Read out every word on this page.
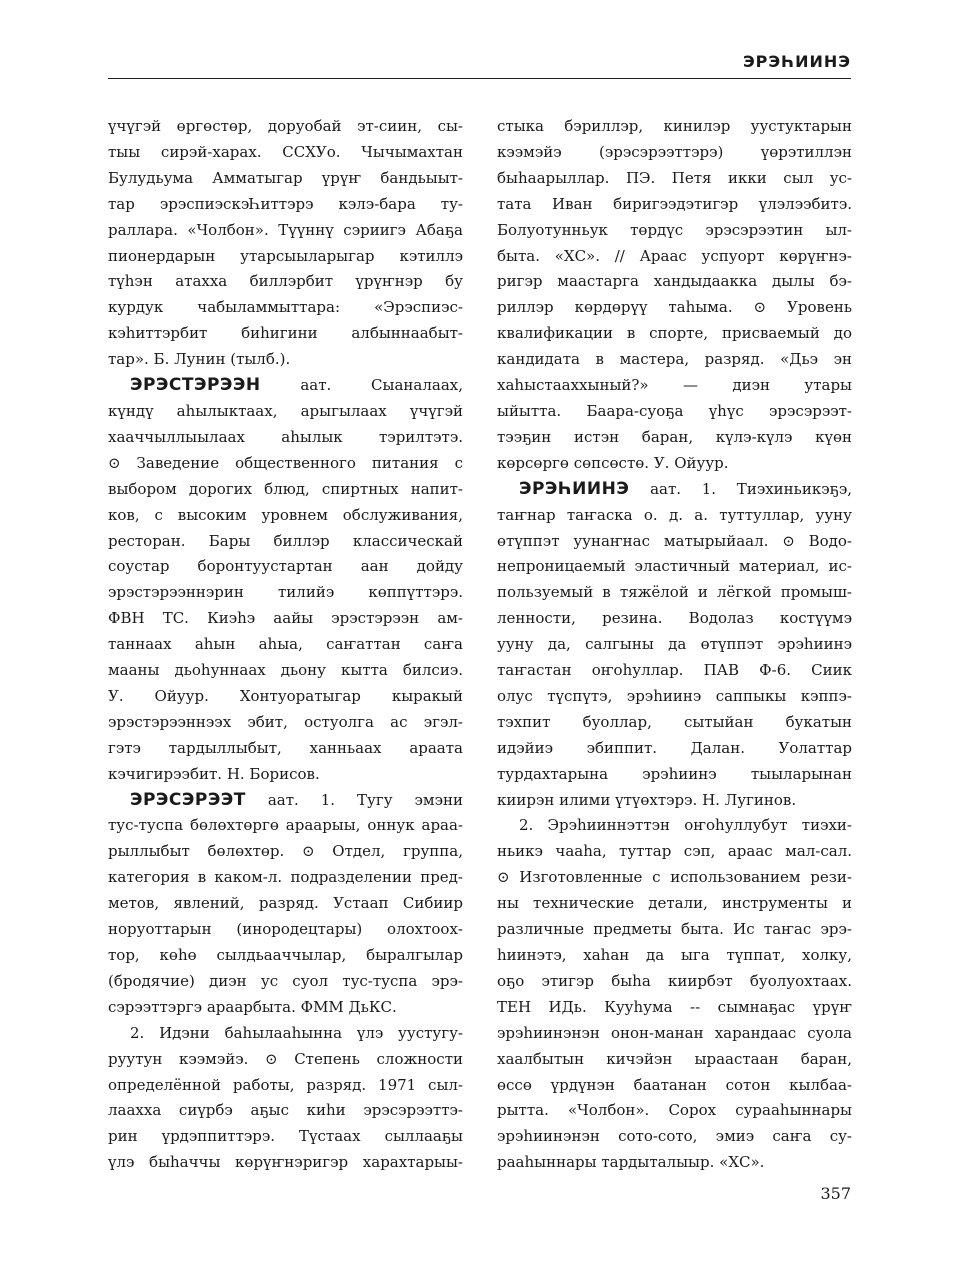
ЭРЭҺИИНЭ
үчүгэй өргөстөр, доруобай эт-сиин, сы-
тыы сирэй-харах. ССХУо. Чычымахтан
Булудьума Амматыгар үрүҥ бандьыыт-
тар эрэспиэскэҺиттэрэ кэлэ-бара ту-
раллара. «Чолбон». Түүннү сэриигэ Абаҕа
пионердарын утарсыыларыгар кэтиллэ
түһэн атахха биллэрбит үрүҥнэр бу
курдук чабыламмыттара: «Эрэспиэс-
кэһиттэрбит биһигини албыннаабыт-
тар». Б. Лунин (тылб.).
ЭРЭСТЭРЭЭН	аат. Сыаналаах,
күндү аһылыктаах, арыгылаах үчүгэй
хааччыллыылаах аһылык тэрилтэтэ.
⊙ Заведение общественного питания с
выбором дорогих блюд, спиртных напит-
ков, с высоким уровнем обслуживания,
ресторан. Бары биллэр классическай
соустар боронтуустартан аан дойду
эрэстэрээннэрин тилийэ көппүттэрэ.
ФВН ТС. Киэһэ аайы эрэстэрээн ам-
таннаах аһын аһыа, саҥаттан саҥа
мааны дьоһуннаах дьону кытта билсиэ.
У. Ойуур. Хонтуоратыгар кыракый
эрэстэрээннээх эбит, остуолга ас эгэл-
гэтэ тардыллыбыт, ханньаах араата
кэчигирээбит. Н. Борисов.
ЭРЭСЭРЭЭТ аат. 1. Тугу эмэни
тус-туспа бөлөхтөргө араарыы, оннук араа-
рыллыбыт бөлөхтөр. ⊙ Отдел, группа,
категория в каком-л. подразделении пред-
метов, явлений, разряд. Устаап Сибиир
норуоттарын (инородецтары) олохтоох-
тор, көһө сылдьааччылар, быралгылар
(бродячие) диэн ус суол тус-туспа эрэ-
сэрээттэргэ араарбыта. ФММ ДьКС.
2. Идэни баһылааһынна үлэ уустугу-
руутун кээмэйэ. ⊙ Степень сложности
определённой работы, разряд. 1971 сыл-
лаахха сиүрбэ аҕыс киһи эрэсэрээттэ-
рин үрдэппиттэрэ. Түстаах сыллааҕы
үлэ быһаччы көрүҥнэригэр харахтарыы-
стыка бэриллэр, кинилэр уустуктарын
кээмэйэ (эрэсэрээттэрэ) үөрэтиллэн
быһаарыллар. ПЭ. Петя икки сыл ус-
тата Иван биригээдэтигэр үлэлээбитэ.
Болуотунньук төрдүс эрэсэрээтин ыл-
быта. «ХС». // Араас успуорт көрүҥнэ-
ригэр маастарга хандыдаакка дылы бэ-
риллэр көрдөрүү таһыма. ⊙ Уровень
квалификации в спорте, присваемый до
кандидата в мастера, разряд. «Дьэ эн
хаһыстааххыный?» — диэн утары
ыйытта. Баара-суоҕа үһүс эрэсэрээт-
тээҕин истэн баран, күлэ-күлэ күөн
көрсөргө сөпсөстө. У. Ойуур.
ЭРЭҺИИНЭ аат. 1. Тиэхиньикэҕэ,
таҥнар таҥаска о. д. а. туттуллар, ууну
өтүппэт уунаҥнас матырыйаал. ⊙ Водо-
непроницаемый эластичный материал, ис-
пользуемый в тяжёлой и лёгкой промыш-
ленности, резина. Водолаз костүүмэ
ууну да, салгыны да өтүппэт эрэһиинэ
таҥастан оҥоһуллар. ПАВ Ф-6. Сиик
олус түспүтэ, эрэһиинэ саппыкы кэппэ-
тэхпит буоллар, сытыйан букатын
идэйиэ эбиппит. Далан. Уолаттар
турдахтарына эрэһиинэ тыыларынан
киирэн илими үтүөхтэрэ. Н. Лугинов.
2. Эрэһииннэттэн оҥоһуллубут тиэхи-
ньикэ чааһа, туттар сэп, араас мал-сал.
⊙ Изготовленные с использованием рези-
ны технические детали, инструменты и
различные предметы быта. Ис таҥас эрэ-
һиинэтэ, хаһан да ыга түппат, холку,
оҕо этигэр быһа киирбэт буолуохтаах.
ТЕН ИДь. Кууһума -- сымнаҕас үрүҥ
эрэһиинэнэн онон-манан харандаас суола
хаалбытын кичэйэн ыраастаан баран,
өссө үрдүнэн баатанан сотон кылбаа-
рытта. «Чолбон». Сорох сурааһыннары
эрэһиинэнэн сото-сото, эмиэ саҥа су-
рааһыннары тардыталыыр. «ХС».
357
